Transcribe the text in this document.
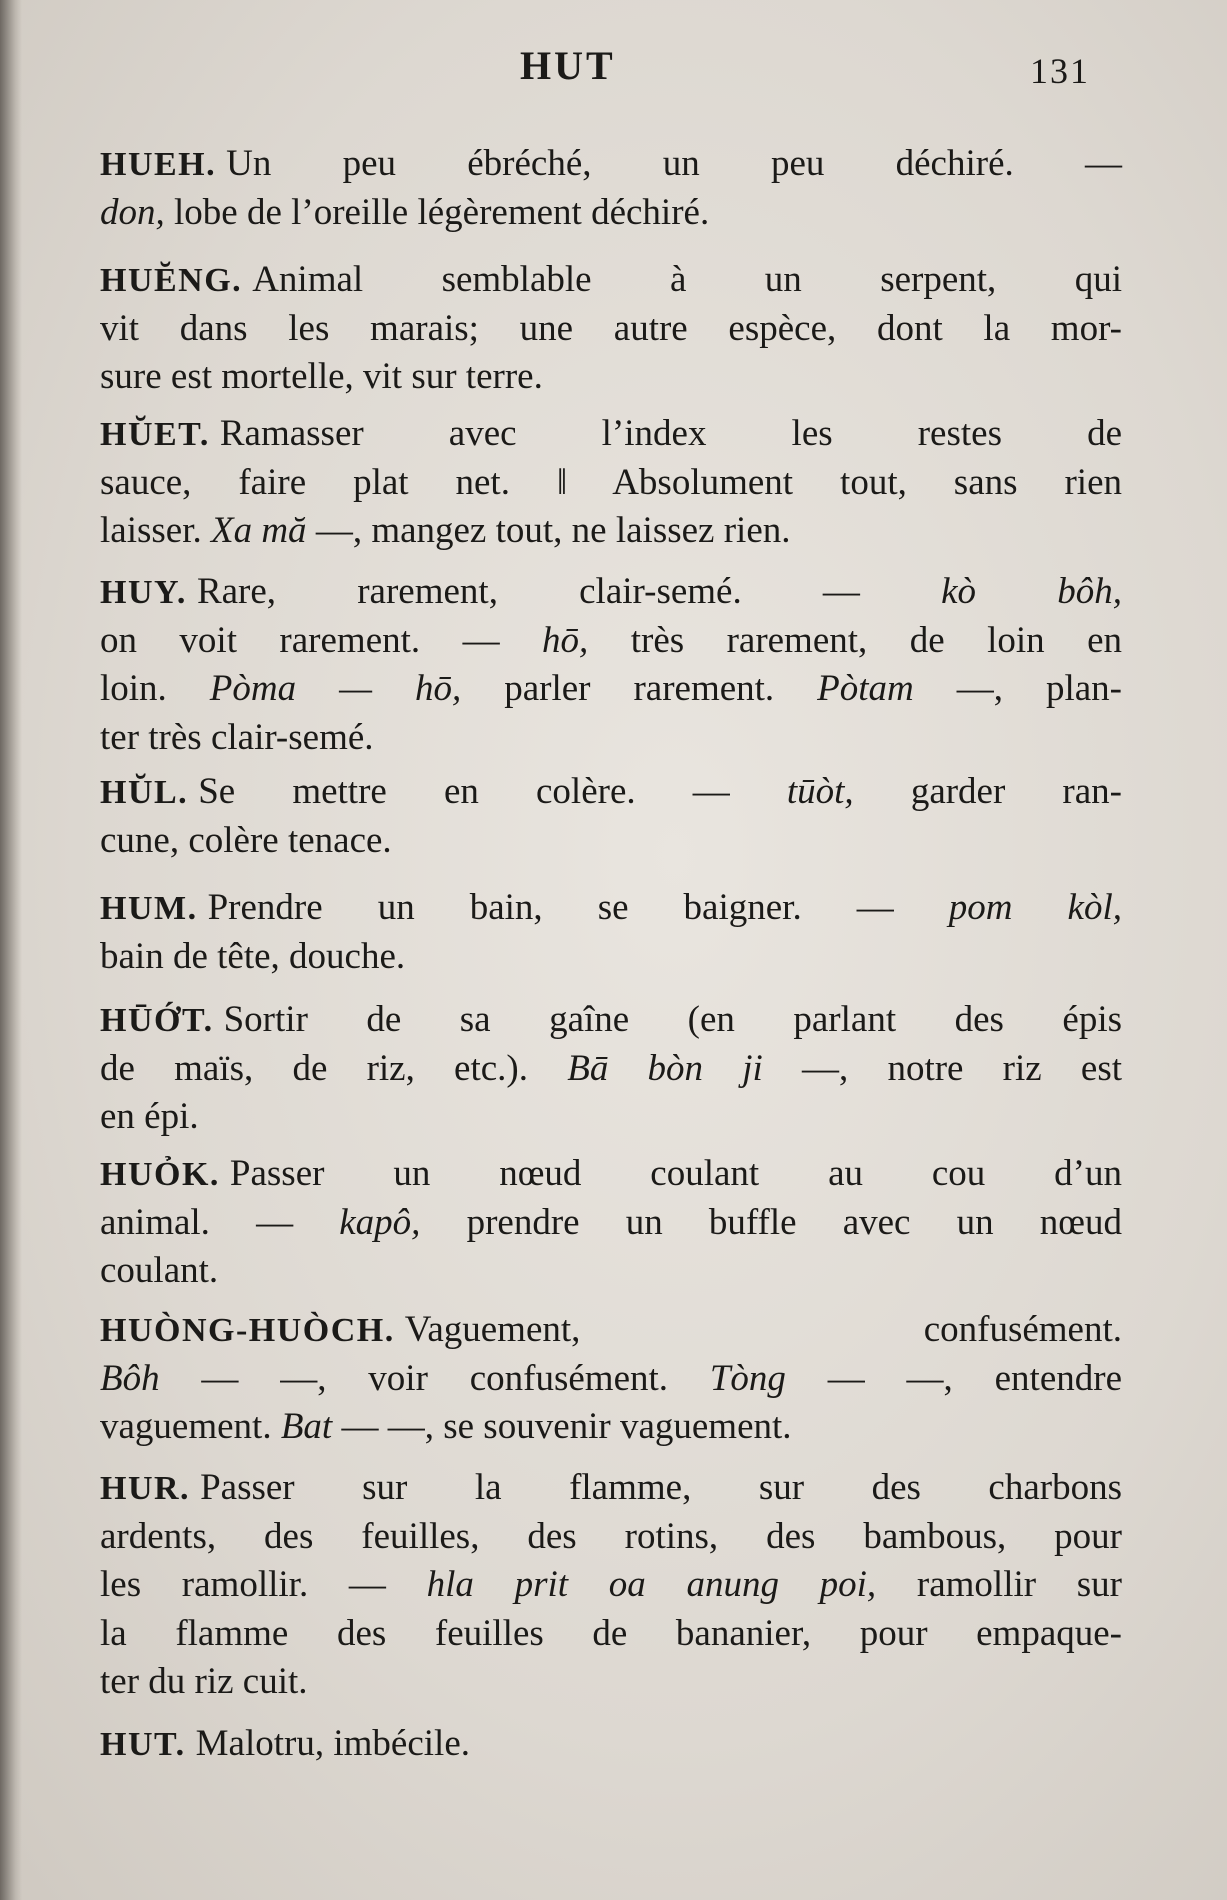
HUT	131
HUEH. Un peu ébréché, un peu déchiré. —
don, lobe de l’oreille légèrement déchiré.
HUĔNG. Animal semblable à un serpent, qui
vit dans les marais; une autre espèce, dont la mor-
sure est mortelle, vit sur terre.
HŬET. Ramasser avec l’index les restes de
sauce, faire plat net. ‖ Absolument tout, sans rien
laisser. Xa mă —, mangez tout, ne laissez rien.
HUY. Rare, rarement, clair-semé. — kò bôh,
on voit rarement. — hō, très rarement, de loin en
loin. Pòma — hō, parler rarement. Pòtam —, plan-
ter très clair-semé.
HŬL. Se mettre en colère. — tūòt, garder ran-
cune, colère tenace.
HUM. Prendre un bain, se baigner. — pom kòl,
bain de tête, douche.
HŪỚT. Sortir de sa gaîne (en parlant des épis
de maïs, de riz, etc.). Bā bòn ji —, notre riz est
en épi.
HUỎK. Passer un nœud coulant au cou d’un
animal. — kapô, prendre un buffle avec un nœud
coulant.
HUÒNG-HUÒCH. Vaguement, confusément.
Bôh — —, voir confusément. Tòng — —, entendre
vaguement. Bat — —, se souvenir vaguement.
HUR. Passer sur la flamme, sur des charbons
ardents, des feuilles, des rotins, des bambous, pour
les ramollir. — hla prit oa anung poi, ramollir sur
la flamme des feuilles de bananier, pour empaque-
ter du riz cuit.
HUT. Malotru, imbécile.
